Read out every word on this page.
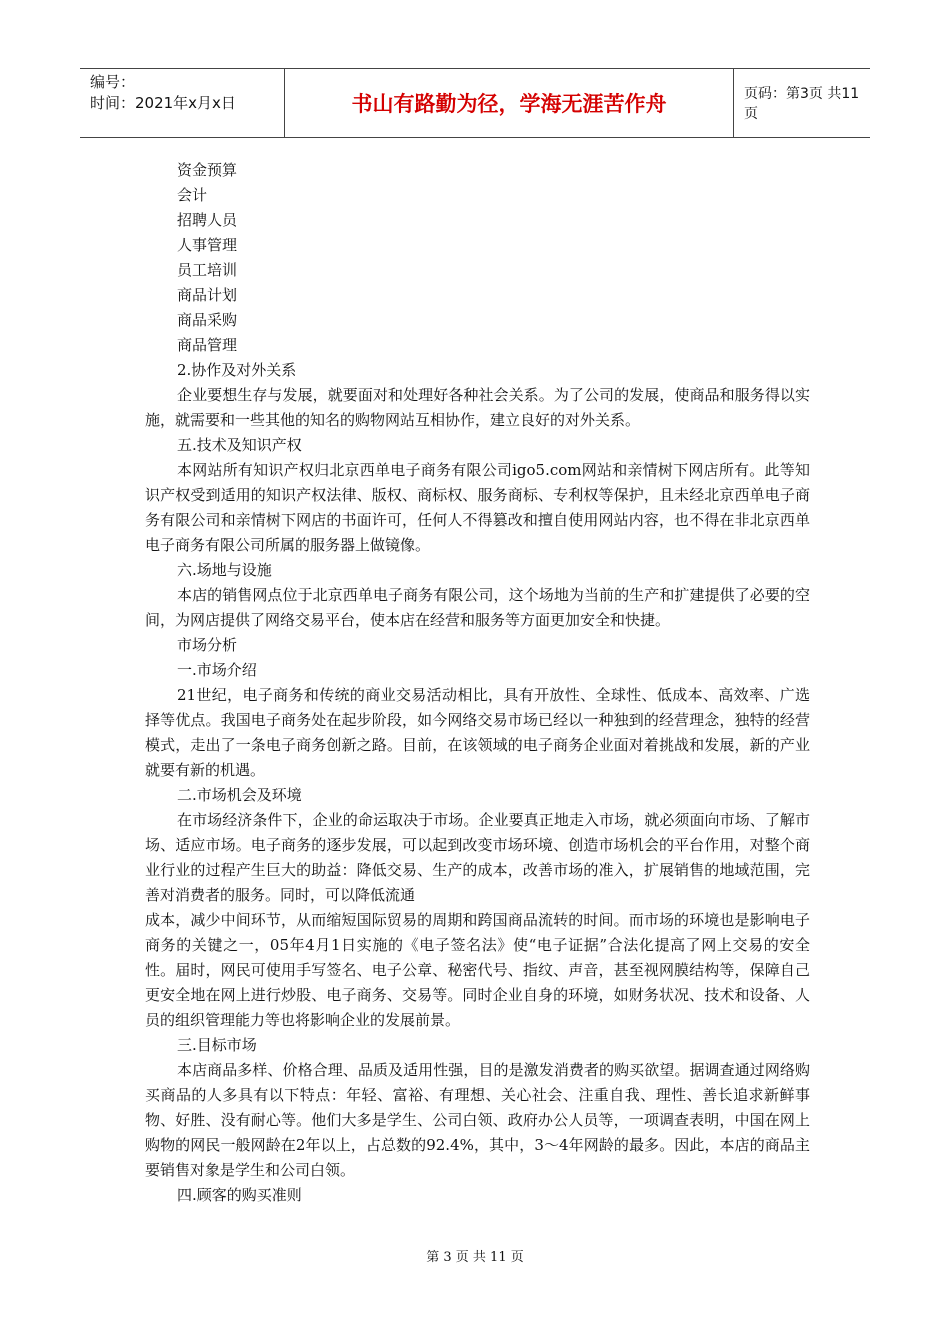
编号：
时间：2021年x月x日	书山有路勤为径，学海无涯苦作舟	页码：第3页 共11页

资金预算

会计

招聘人员

人事管理

员工培训

商品计划

商品采购

商品管理

2.协作及对外关系

企业要想生存与发展，就要面对和处理好各种社会关系。为了公司的发展，使商品和服务得以实施，就需要和一些其他的知名的购物网站互相协作，建立良好的对外关系。

五.技术及知识产权

本网站所有知识产权归北京西单电子商务有限公司igo5.com网站和亲情树下网店所有。此等知识产权受到适用的知识产权法律、版权、商标权、服务商标、专利权等保护，且未经北京西单电子商务有限公司和亲情树下网店的书面许可，任何人不得篡改和擅自使用网站内容，也不得在非北京西单电子商务有限公司所属的服务器上做镜像。

六.场地与设施

本店的销售网点位于北京西单电子商务有限公司，这个场地为当前的生产和扩建提供了必要的空间，为网店提供了网络交易平台，使本店在经营和服务等方面更加安全和快捷。

市场分析

一.市场介绍

21世纪，电子商务和传统的商业交易活动相比，具有开放性、全球性、低成本、高效率、广选择等优点。我国电子商务处在起步阶段，如今网络交易市场已经以一种独到的经营理念，独特的经营模式，走出了一条电子商务创新之路。目前，在该领域的电子商务企业面对着挑战和发展，新的产业就要有新的机遇。

二.市场机会及环境

在市场经济条件下，企业的命运取决于市场。企业要真正地走入市场，就必须面向市场、了解市场、适应市场。电子商务的逐步发展，可以起到改变市场环境、创造市场机会的平台作用，对整个商业行业的过程产生巨大的助益：降低交易、生产的成本，改善市场的准入，扩展销售的地域范围，完善对消费者的服务。同时，可以降低流通

成本，减少中间环节，从而缩短国际贸易的周期和跨国商品流转的时间。而市场的环境也是影响电子商务的关键之一，05年4月1日实施的《电子签名法》使“电子证据”合法化提高了网上交易的安全性。届时，网民可使用手写签名、电子公章、秘密代号、指纹、声音，甚至视网膜结构等，保障自己更安全地在网上进行炒股、电子商务、交易等。同时企业自身的环境，如财务状况、技术和设备、人员的组织管理能力等也将影响企业的发展前景。

三.目标市场

本店商品多样、价格合理、品质及适用性强，目的是激发消费者的购买欲望。据调查通过网络购买商品的人多具有以下特点：年轻、富裕、有理想、关心社会、注重自我、理性、善长追求新鲜事物、好胜、没有耐心等。他们大多是学生、公司白领、政府办公人员等，一项调查表明，中国在网上购物的网民一般网龄在2年以上，占总数的92.4%，其中，3～4年网龄的最多。因此，本店的商品主要销售对象是学生和公司白领。

四.顾客的购买准则

第 3 页 共 11 页
